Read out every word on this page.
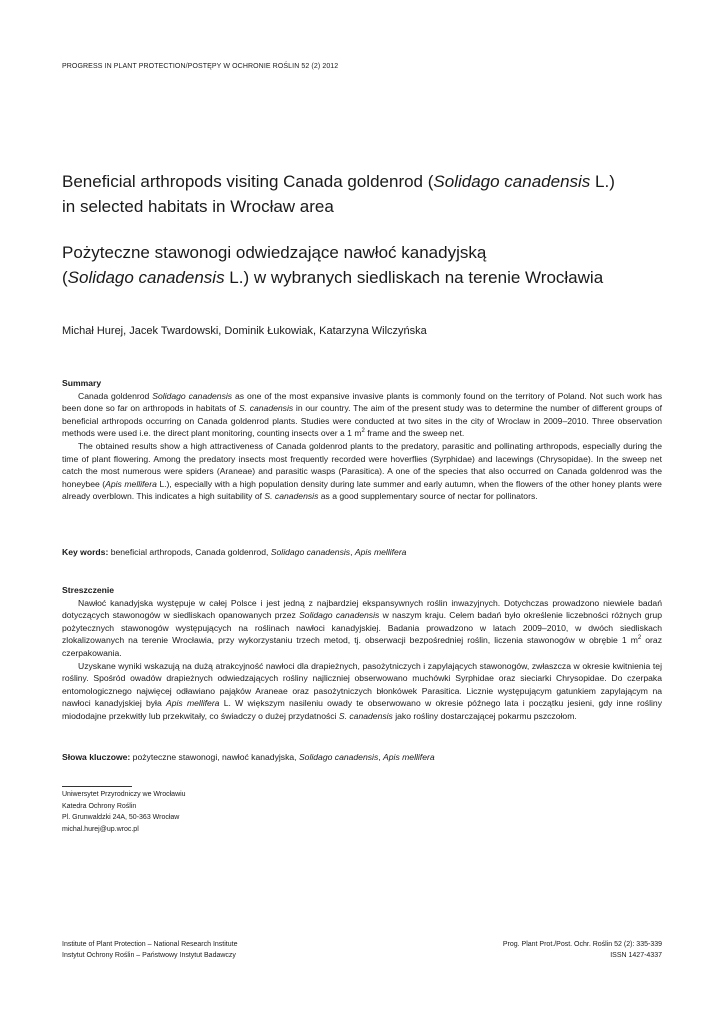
PROGRESS IN PLANT PROTECTION/POSTĘPY W OCHRONIE ROŚLIN 52 (2) 2012
Beneficial arthropods visiting Canada goldenrod (Solidago canadensis L.)
in selected habitats in Wrocław area
Pożyteczne stawonogi odwiedzające nawłoć kanadyjską
(Solidago canadensis L.) w wybranych siedliskach na terenie Wrocławia
Michał Hurej, Jacek Twardowski, Dominik Łukowiak, Katarzyna Wilczyńska
Summary

Canada goldenrod Solidago canadensis as one of the most expansive invasive plants is commonly found on the territory of Poland. Not such work has been done so far on arthropods in habitats of S. canadensis in our country. The aim of the present study was to determine the number of different groups of beneficial arthropods occurring on Canada goldenrod plants. Studies were conducted at two sites in the city of Wroclaw in 2009–2010. Three observation methods were used i.e. the direct plant monitoring, counting insects over a 1 $m^2$ frame and the sweep net.

The obtained results show a high attractiveness of Canada goldenrod plants to the predatory, parasitic and pollinating arthropods, especially during the time of plant flowering. Among the predatory insects most frequently recorded were hoverflies (Syrphidae) and lacewings (Chrysopidae). In the sweep net catch the most numerous were spiders (Araneae) and parasitic wasps (Parasitica). A one of the species that also occurred on Canada goldenrod was the honeybee (Apis mellifera L.), especially with a high population density during late summer and early autumn, when the flowers of the other honey plants were already overblown. This indicates a high suitability of S. canadensis as a good supplementary source of nectar for pollinators.

Key words: beneficial arthropods, Canada goldenrod, Solidago canadensis, Apis mellifera
Streszczenie

Nawłoć kanadyjska występuje w całej Polsce i jest jedną z najbardziej ekspansywnych roślin inwazyjnych. Dotychczas prowadzono niewiele badań dotyczących stawonogów w siedliskach opanowanych przez Solidago canadensis w naszym kraju. Celem badań było określenie liczebności różnych grup pożytecznych stawonogów występujących na roślinach nawłoci kanadyjskiej. Badania prowadzono w latach 2009–2010, w dwóch siedliskach zlokalizowanych na terenie Wrocławia, przy wykorzystaniu trzech metod, tj. obserwacji bezpośredniej roślin, liczenia stawonogów w obrębie 1 $m^2$ oraz czerpakowania.

Uzyskane wyniki wskazują na dużą atrakcyjność nawłoci dla drapieżnych, pasożytniczych i zapylających stawonogów, zwłaszcza w okresie kwitnienia tej rośliny. Spośród owadów drapieżnych odwiedzających rośliny najliczniej obserwowano muchówki Syrphidae oraz sieciarki Chrysopidae. Do czerpaka entomologicznego najwięcej odławiano pająków Araneae oraz pasożytniczych błonkówek Parasitica. Licznie występującym gatunkiem zapylającym na nawłoci kanadyjskiej była Apis mellifera L. W większym nasileniu owady te obserwowano w okresie późnego lata i początku jesieni, gdy inne rośliny miododajne przekwitły lub przekwitały, co świadczy o dużej przydatności S. canadensis jako rośliny dostarczającej pokarmu pszczołom.

Słowa kluczowe: pożyteczne stawonogi, nawłoć kanadyjska, Solidago canadensis, Apis mellifera
Uniwersytet Przyrodniczy we Wrocławiu
Katedra Ochrony Roślin
Pl. Grunwaldzki 24A, 50-363 Wrocław
michal.hurej@up.wroc.pl
Institute of Plant Protection – National Research Institute
Instytut Ochrony Roślin – Państwowy Instytut Badawczy
Prog. Plant Prot./Post. Ochr. Roślin 52 (2): 335-339
ISSN 1427-4337
